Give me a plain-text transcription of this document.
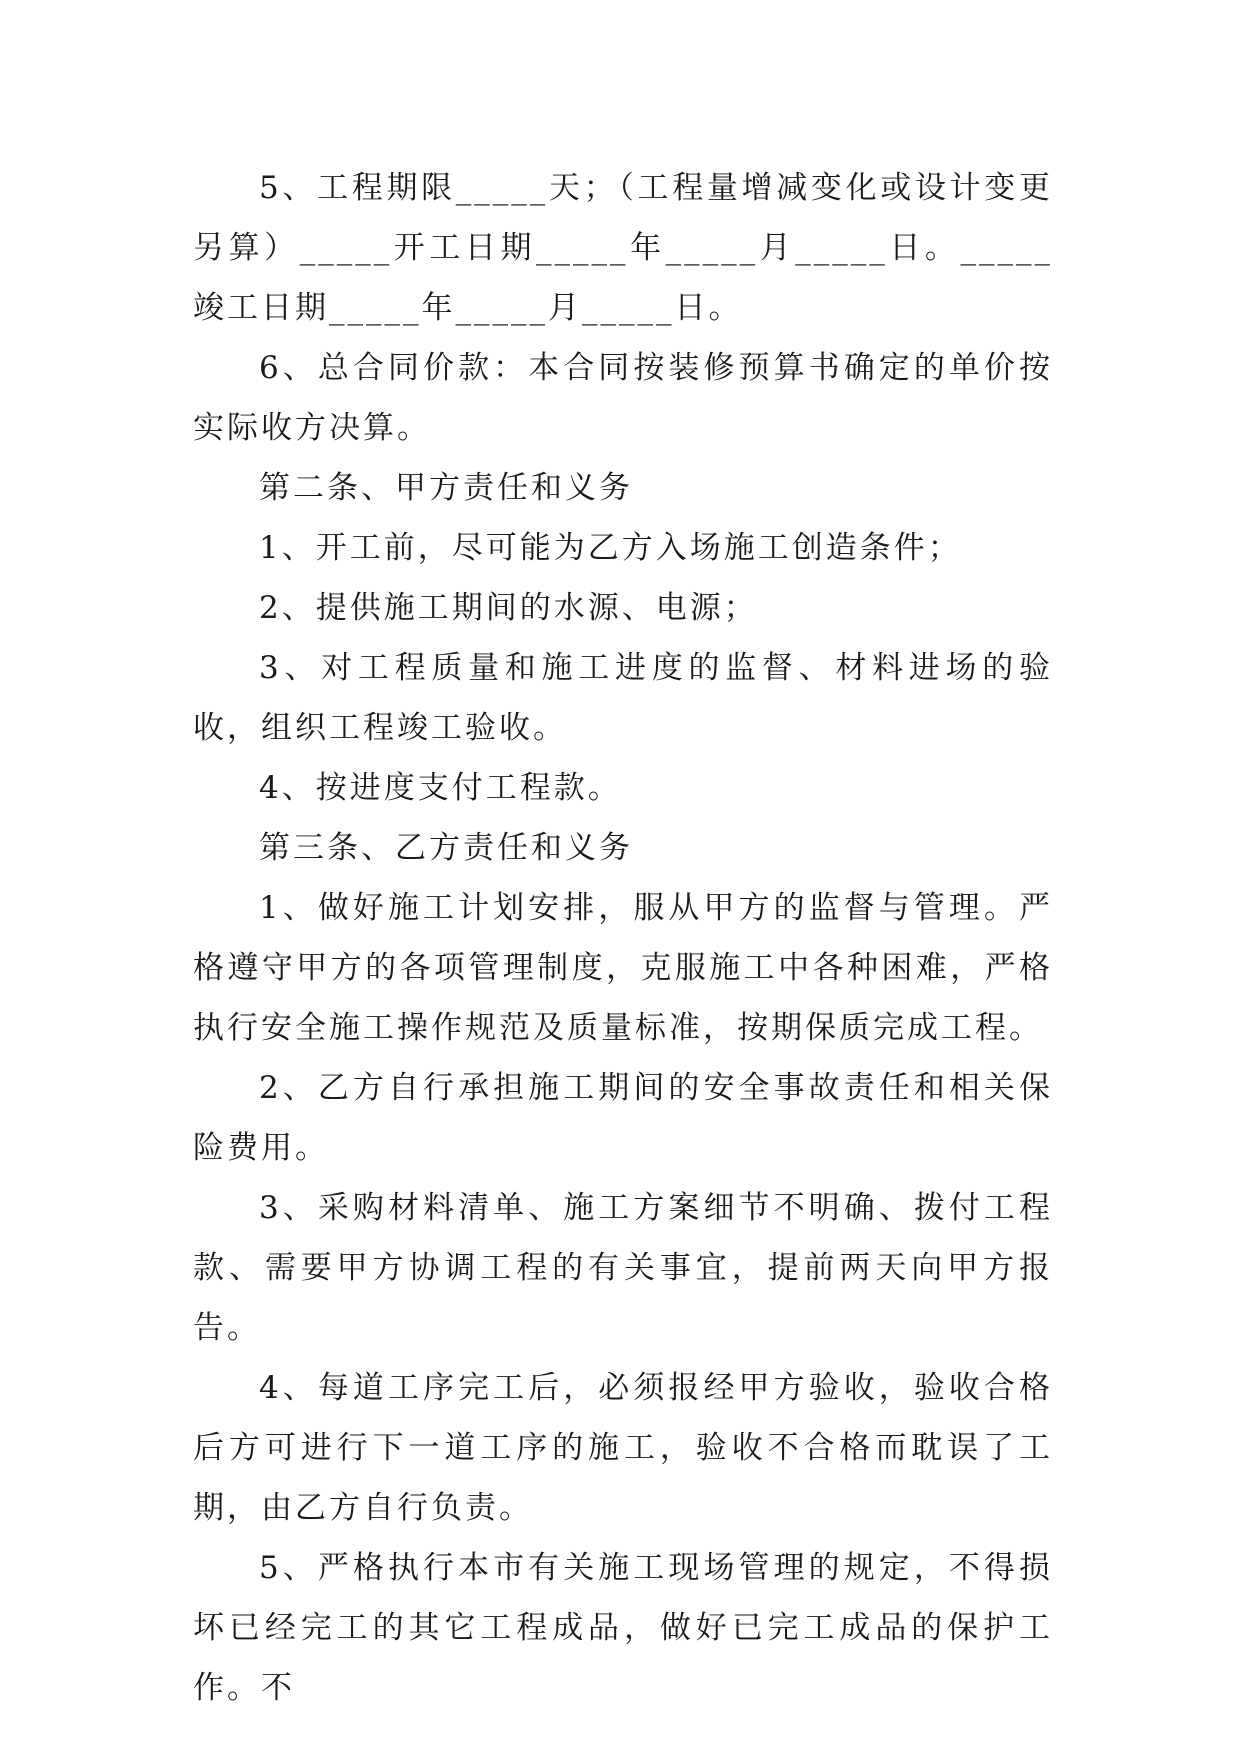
5、工程期限_____天；（工程量增减变化或设计变更另算）_____开工日期_____年_____月_____日。_____竣工日期_____年_____月_____日。

6、总合同价款：本合同按装修预算书确定的单价按实际收方决算。

第二条、甲方责任和义务

1、开工前，尽可能为乙方入场施工创造条件；

2、提供施工期间的水源、电源；

3、对工程质量和施工进度的监督、材料进场的验收，组织工程竣工验收。

4、按进度支付工程款。

第三条、乙方责任和义务

1、做好施工计划安排，服从甲方的监督与管理。严格遵守甲方的各项管理制度，克服施工中各种困难，严格执行安全施工操作规范及质量标准，按期保质完成工程。

2、乙方自行承担施工期间的安全事故责任和相关保险费用。

3、采购材料清单、施工方案细节不明确、拨付工程款、需要甲方协调工程的有关事宜，提前两天向甲方报告。

4、每道工序完工后，必须报经甲方验收，验收合格后方可进行下一道工序的施工，验收不合格而耽误了工期，由乙方自行负责。

5、严格执行本市有关施工现场管理的规定，不得损坏已经完工的其它工程成品，做好已完工成品的保护工作。不
